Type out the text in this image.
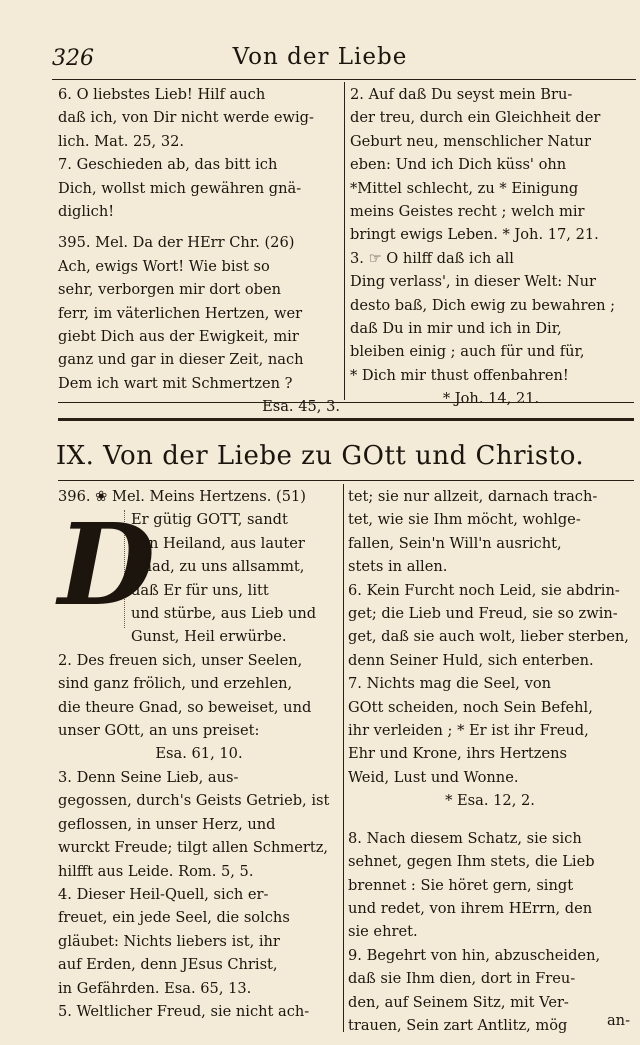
326	Von der Liebe

6. O liebstes Lieb! Hilf auch

daß ich, von Dir nicht werde ewig-

lich. Mat. 25, 32.

7. Geschieden ab, das bitt ich

Dich, wollst mich gewähren gnä-

diglich!

395. Mel. Da der HErr Chr. (26)

Ach, ewigs Wort! Wie bist so

sehr, verborgen mir dort oben

ferr, im väterlichen Hertzen, wer

giebt Dich aus der Ewigkeit, mir

ganz und gar in dieser Zeit, nach

Dem ich wart mit Schmertzen ?

Esa. 45, 3.

2. Auf daß Du seyst mein Bru-

der treu, durch ein Gleichheit der

Geburt neu, menschlicher Natur

eben: Und ich Dich küss' ohn

*Mittel schlecht, zu * Einigung

meins Geistes recht ; welch mir

bringt ewigs Leben. * Joh. 17, 21.

3. ☞ O hilff daß ich all

Ding verlass', in dieser Welt: Nur

desto baß, Dich ewig zu bewahren ;

daß Du in mir und ich in Dir,

bleiben einig ; auch für und für,

* Dich mir thust offenbahren!

* Joh. 14, 21.

IX. Von der Liebe zu GOtt und Christo.

396. ❀ Mel. Meins Hertzens. (51)

D

Er gütig GOTT, sandt

den Heiland, aus lauter

Gnad, zu uns allsammt,

daß Er für uns, litt

und stürbe, aus Lieb und

Gunst, Heil erwürbe.

2. Des freuen sich, unser Seelen,

sind ganz frölich, und erzehlen,

die theure Gnad, so beweiset, und

unser GOtt, an uns preiset:

Esa. 61, 10.

3. Denn Seine Lieb, aus-

gegossen, durch's Geists Getrieb, ist

geflossen, in unser Herz, und

wurckt Freude; tilgt allen Schmertz,

hilfft aus Leide. Rom. 5, 5.

4. Dieser Heil-Quell, sich er-

freuet, ein jede Seel, die solchs

gläubet: Nichts liebers ist, ihr

auf Erden, denn JEsus Christ,

in Gefährden. Esa. 65, 13.

5. Weltlicher Freud, sie nicht ach-

tet; sie nur allzeit, darnach trach-

tet, wie sie Ihm möcht, wohlge-

fallen, Sein'n Will'n ausricht,

stets in allen.

6. Kein Furcht noch Leid, sie abdrin-

get; die Lieb und Freud, sie so zwin-

get, daß sie auch wolt, lieber sterben,

denn Seiner Huld, sich enterben.

7. Nichts mag die Seel, von

GOtt scheiden, noch Sein Befehl,

ihr verleiden ; * Er ist ihr Freud,

Ehr und Krone, ihrs Hertzens

Weid, Lust und Wonne.

* Esa. 12, 2.

8. Nach diesem Schatz, sie sich

sehnet, gegen Ihm stets, die Lieb

brennet : Sie höret gern, singt

und redet, von ihrem HErrn, den

sie ehret.

9. Begehrt von hin, abzuscheiden,

daß sie Ihm dien, dort in Freu-

den, auf Seinem Sitz, mit Ver-

trauen, Sein zart Antlitz, mög	an-
